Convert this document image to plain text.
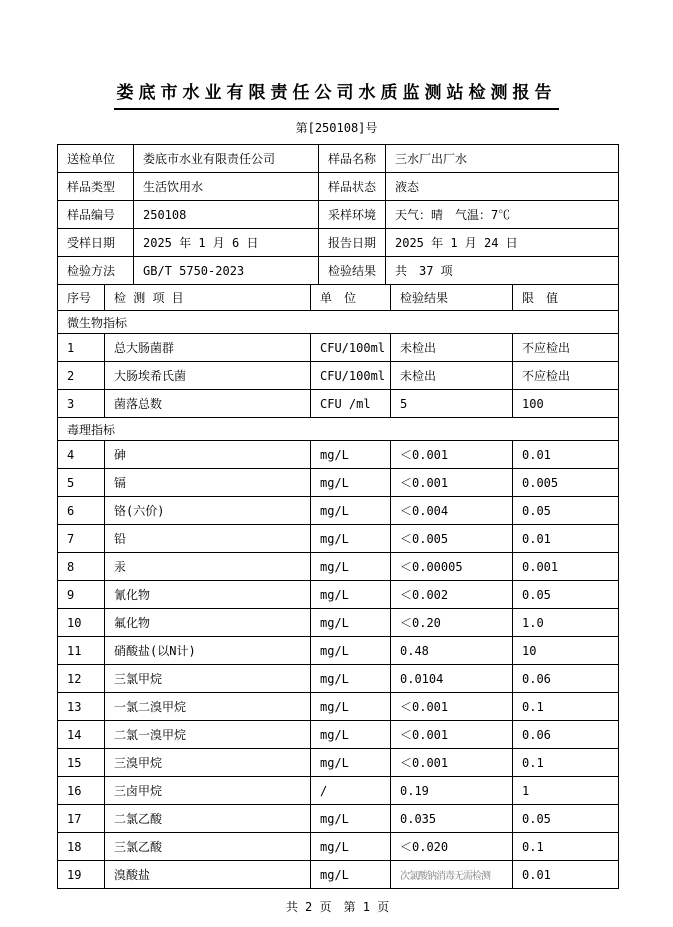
娄底市水业有限责任公司水质监测站检测报告
第[250108]号
送检单位	娄底市水业有限责任公司	样品名称	三水厂出厂水
样品类型	生活饮用水	样品状态	液态
样品编号	250108	采样环境	天气：晴　气温：7℃
受样日期	2025 年 1 月 6 日	报告日期	2025 年 1 月 24 日
检验方法	GB/T 5750-2023	检验结果	共　37 项
序号	检 测 项 目	单　位	检验结果	限　值
微生物指标				
1	总大肠菌群	CFU/100ml	未检出	不应检出
2	大肠埃希氏菌	CFU/100ml	未检出	不应检出
3	菌落总数	CFU /ml	5	100
毒理指标				
4	砷	mg/L	＜0.001	0.01
5	镉	mg/L	＜0.001	0.005
6	铬(六价)	mg/L	＜0.004	0.05
7	铅	mg/L	＜0.005	0.01
8	汞	mg/L	＜0.00005	0.001
9	氰化物	mg/L	＜0.002	0.05
10	氟化物	mg/L	＜0.20	1.0
11	硝酸盐(以N计)	mg/L	0.48	10
12	三氯甲烷	mg/L	0.0104	0.06
13	一氯二溴甲烷	mg/L	＜0.001	0.1
14	二氯一溴甲烷	mg/L	＜0.001	0.06
15	三溴甲烷	mg/L	＜0.001	0.1
16	三卤甲烷	/	0.19	1
17	二氯乙酸	mg/L	0.035	0.05
18	三氯乙酸	mg/L	＜0.020	0.1
19	溴酸盐	mg/L	次氯酸钠消毒无需检测	0.01
共 2 页　第 1 页
